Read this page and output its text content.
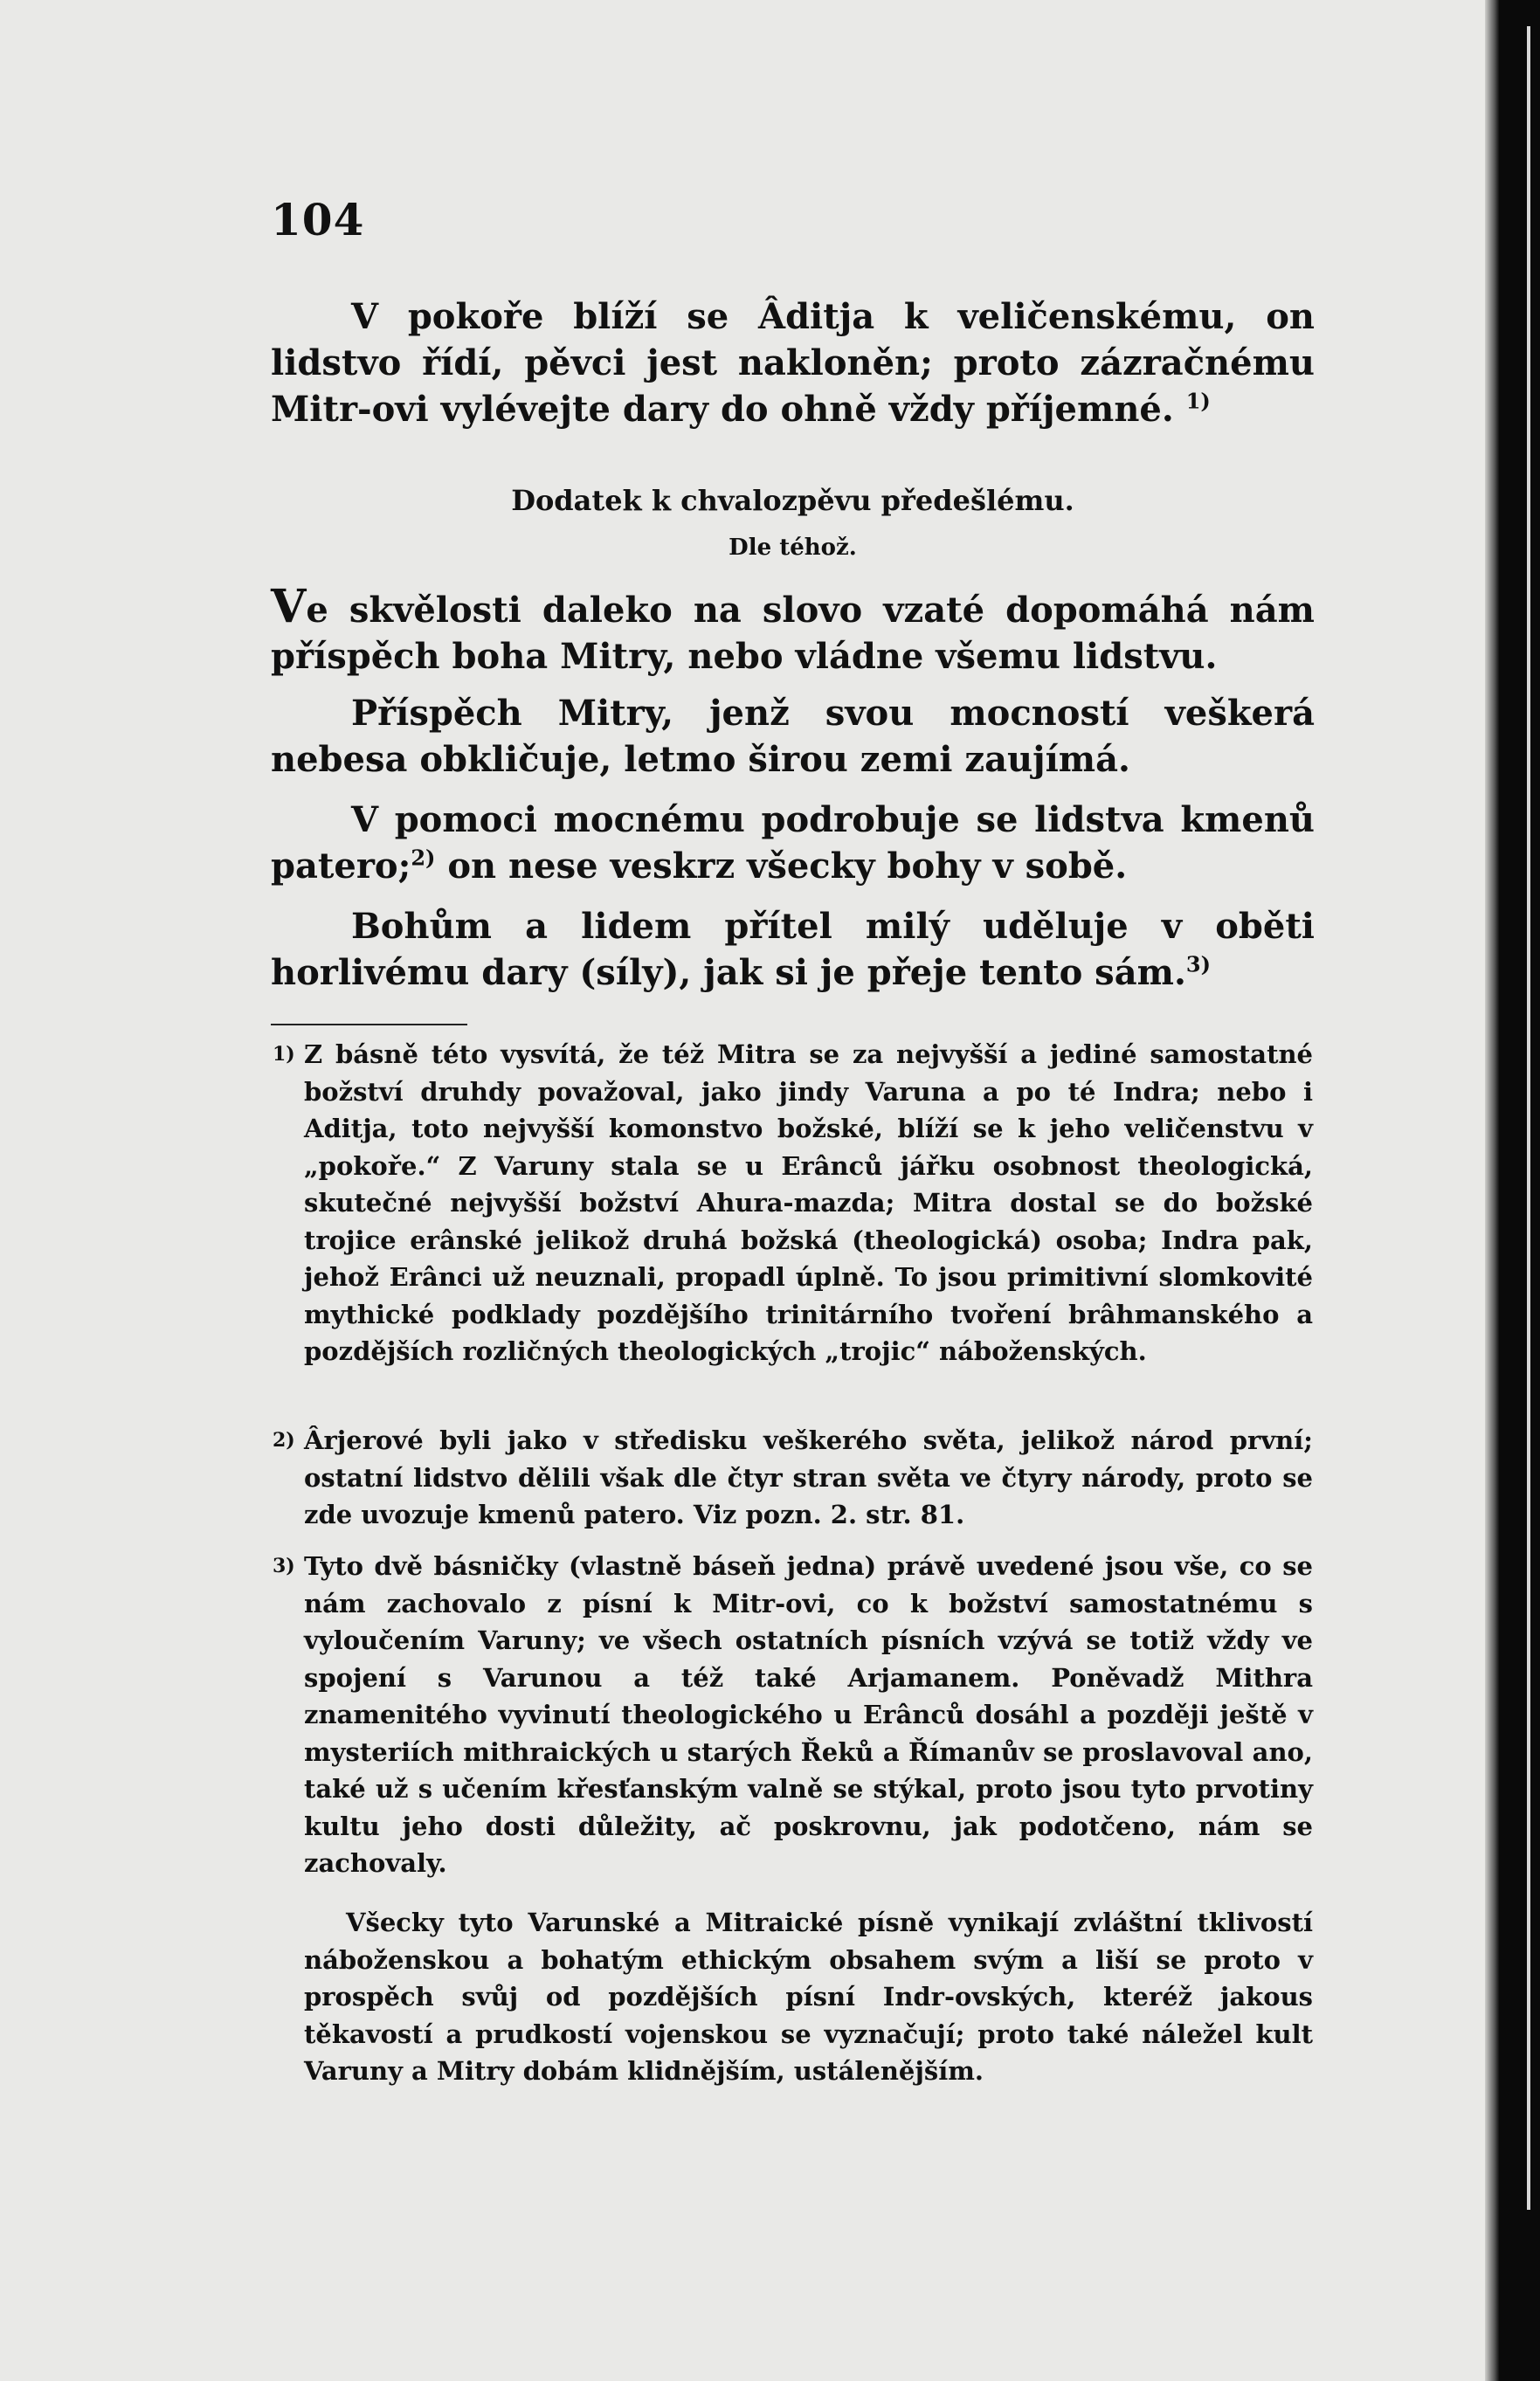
104

V pokoře blíží se Âditja k veličenskému, on lidstvo řídí, pěvci jest nakloněn; proto zázračnému Mitr-ovi vylévejte dary do ohně vždy příjemné. $^{1)}$

Dodatek k chvalozpěvu předešlému.

Dle téhož.

Ve skvělosti daleko na slovo vzaté dopomáhá nám příspěch boha Mitry, nebo vládne všemu lidstvu.

Příspěch Mitry, jenž svou mocností veškerá nebesa obkličuje, letmo širou zemi zaujímá.

V pomoci mocnému podrobuje se lidstva kmenů patero;$^{2)}$ on nese veskrz všecky bohy v sobě.

Bohům a lidem přítel milý uděluje v oběti horlivému dary (síly), jak si je přeje tento sám.$^{3)}$

1) Z básně této vysvítá, že též Mitra se za nejvyšší a jediné samostatné božství druhdy považoval, jako jindy Varuna a po té Indra; nebo i Aditja, toto nejvyšší komonstvo božské, blíží se k jeho veličenstvu v „pokoře.“ Z Varuny stala se u Erânců jářku osobnost theologická, skutečné nejvyšší božství Ahura-mazda; Mitra dostal se do božské trojice erânské jelikož druhá božská (theologická) osoba; Indra pak, jehož Erânci už neuznali, propadl úplně. To jsou primitivní slomkovité mythické podklady pozdějšího trinitárního tvoření brâhmanského a pozdějších rozličných theologických „trojic“ náboženských.
2) Ârjerové byli jako v středisku veškerého světa, jelikož národ první; ostatní lidstvo dělili však dle čtyr stran světa ve čtyry národy, proto se zde uvozuje kmenů patero. Viz pozn. 2. str. 81.
3) Tyto dvě básničky (vlastně báseň jedna) právě uvedené jsou vše, co se nám zachovalo z písní k Mitr-ovi, co k božství samostatnému s vyloučením Varuny; ve všech ostatních písních vzývá se totiž vždy ve spojení s Varunou a též také Arjamanem. Poněvadž Mithra znamenitého vyvinutí theologického u Erânců dosáhl a později ještě v mysteriích mithraických u starých Řeků a Římanův se proslavoval ano, také už s učením křesťanským valně se stýkal, proto jsou tyto prvotiny kultu jeho dosti důležity, ač poskrovnu, jak podotčeno, nám se zachovaly.

Všecky tyto Varunské a Mitraické písně vynikají zvláštní tklivostí náboženskou a bohatým ethickým obsahem svým a liší se proto v prospěch svůj od pozdějších písní Indr-ovských, kteréž jakous těkavostí a prudkostí vojenskou se vyznačují; proto také náležel kult Varuny a Mitry dobám klidnějším, ustálenějším.
